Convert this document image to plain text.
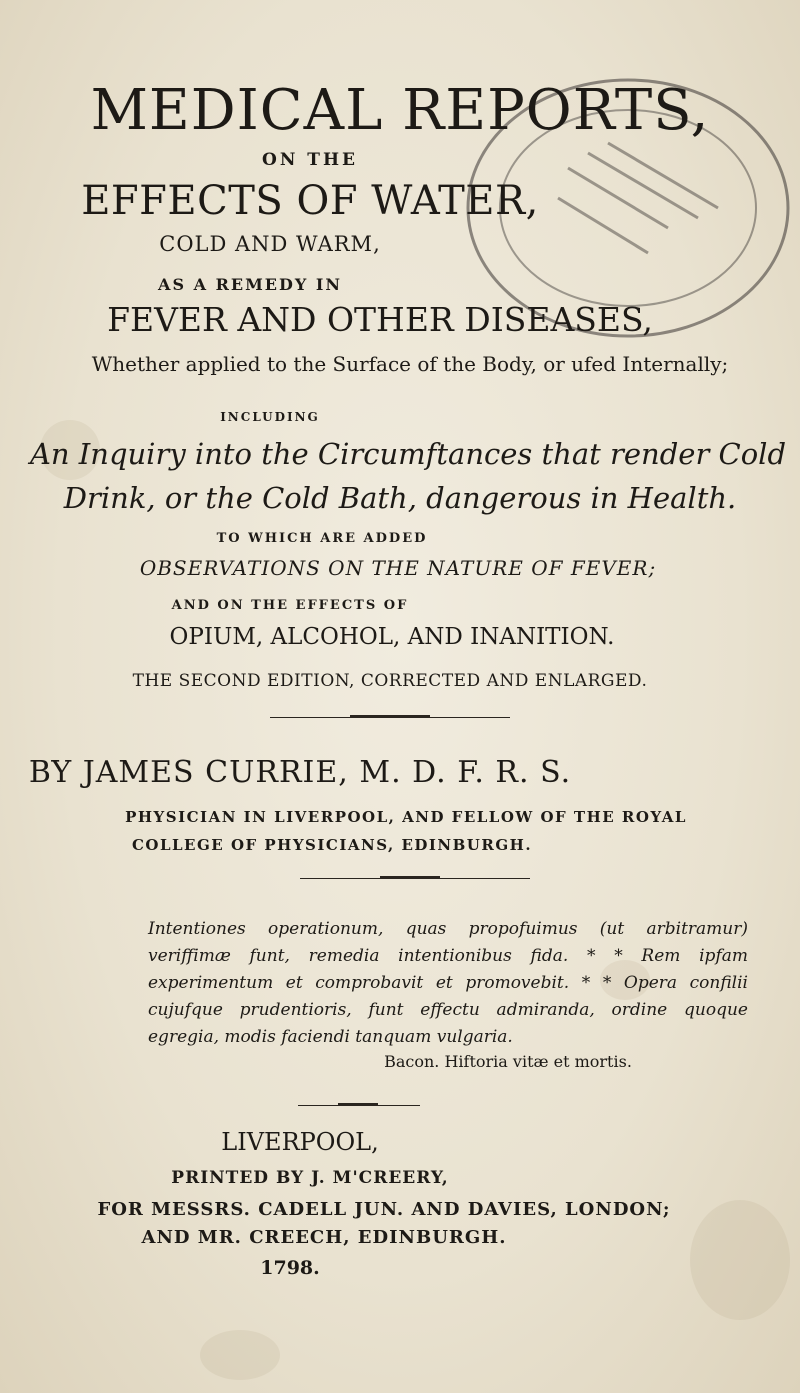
MEDICAL REPORTS,
ON THE
EFFECTS OF WATER,
COLD AND WARM,
AS A REMEDY IN
FEVER AND OTHER DISEASES,
Whether applied to the Surface of the Body, or ufed Internally;
INCLUDING
An Inquiry into the Circumftances that render Cold
Drink, or the Cold Bath, dangerous in Health.
TO WHICH ARE ADDED
OBSERVATIONS ON THE NATURE OF FEVER;
AND ON THE EFFECTS OF
OPIUM, ALCOHOL, AND INANITION.
THE SECOND EDITION, CORRECTED AND ENLARGED.
BY JAMES CURRIE, M. D. F. R. S.
PHYSICIAN IN LIVERPOOL, AND FELLOW OF THE ROYAL
COLLEGE OF PHYSICIANS, EDINBURGH.
Intentiones operationum, quas propofuimus (ut arbitramur) veriffimæ funt, remedia intentionibus fida. * * Rem ipfam experimentum et comprobavit et promovebit. * * Opera confilii cujufque prudentioris, funt effectu admiranda, ordine quoque egregia, modis faciendi tanquam vulgaria.
Bacon. Hiftoria vitæ et mortis.
LIVERPOOL,
PRINTED BY J. M'CREERY,
FOR MESSRS. CADELL JUN. AND DAVIES, LONDON;
AND MR. CREECH, EDINBURGH.
1798.
